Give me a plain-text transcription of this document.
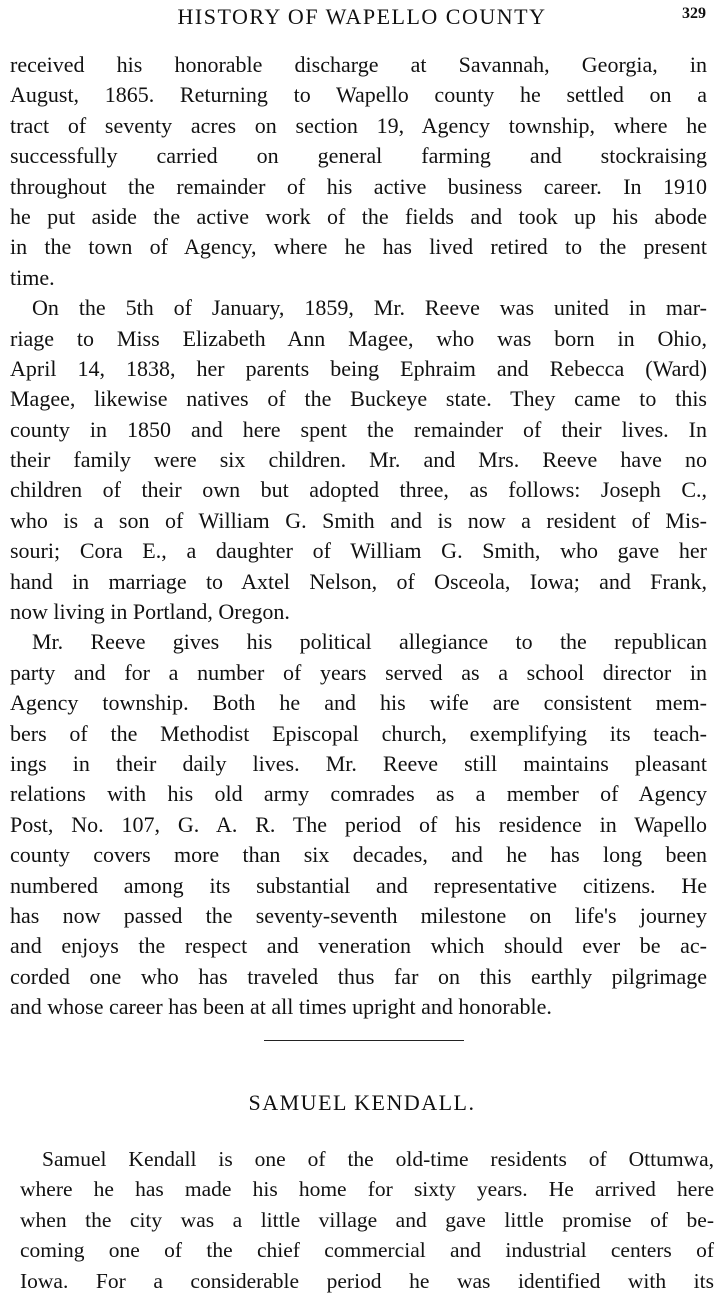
HISTORY OF WAPELLO COUNTY	329
received his honorable discharge at Savannah, Georgia, in
August, 1865. Returning to Wapello county he settled on a
tract of seventy acres on section 19, Agency township, where he
successfully carried on general farming and stockraising
throughout the remainder of his active business career. In 1910
he put aside the active work of the fields and took up his abode
in the town of Agency, where he has lived retired to the present
time.
On the 5th of January, 1859, Mr. Reeve was united in mar-
riage to Miss Elizabeth Ann Magee, who was born in Ohio,
April 14, 1838, her parents being Ephraim and Rebecca (Ward)
Magee, likewise natives of the Buckeye state. They came to this
county in 1850 and here spent the remainder of their lives. In
their family were six children. Mr. and Mrs. Reeve have no
children of their own but adopted three, as follows: Joseph C.,
who is a son of William G. Smith and is now a resident of Mis-
souri; Cora E., a daughter of William G. Smith, who gave her
hand in marriage to Axtel Nelson, of Osceola, Iowa; and Frank,
now living in Portland, Oregon.
Mr. Reeve gives his political allegiance to the republican
party and for a number of years served as a school director in
Agency township. Both he and his wife are consistent mem-
bers of the Methodist Episcopal church, exemplifying its teach-
ings in their daily lives. Mr. Reeve still maintains pleasant
relations with his old army comrades as a member of Agency
Post, No. 107, G. A. R. The period of his residence in Wapello
county covers more than six decades, and he has long been
numbered among its substantial and representative citizens. He
has now passed the seventy-seventh milestone on life's journey
and enjoys the respect and veneration which should ever be ac-
corded one who has traveled thus far on this earthly pilgrimage
and whose career has been at all times upright and honorable.
SAMUEL KENDALL.
Samuel Kendall is one of the old-time residents of Ottumwa,
where he has made his home for sixty years. He arrived here
when the city was a little village and gave little promise of be-
coming one of the chief commercial and industrial centers of
Iowa. For a considerable period he was identified with its
